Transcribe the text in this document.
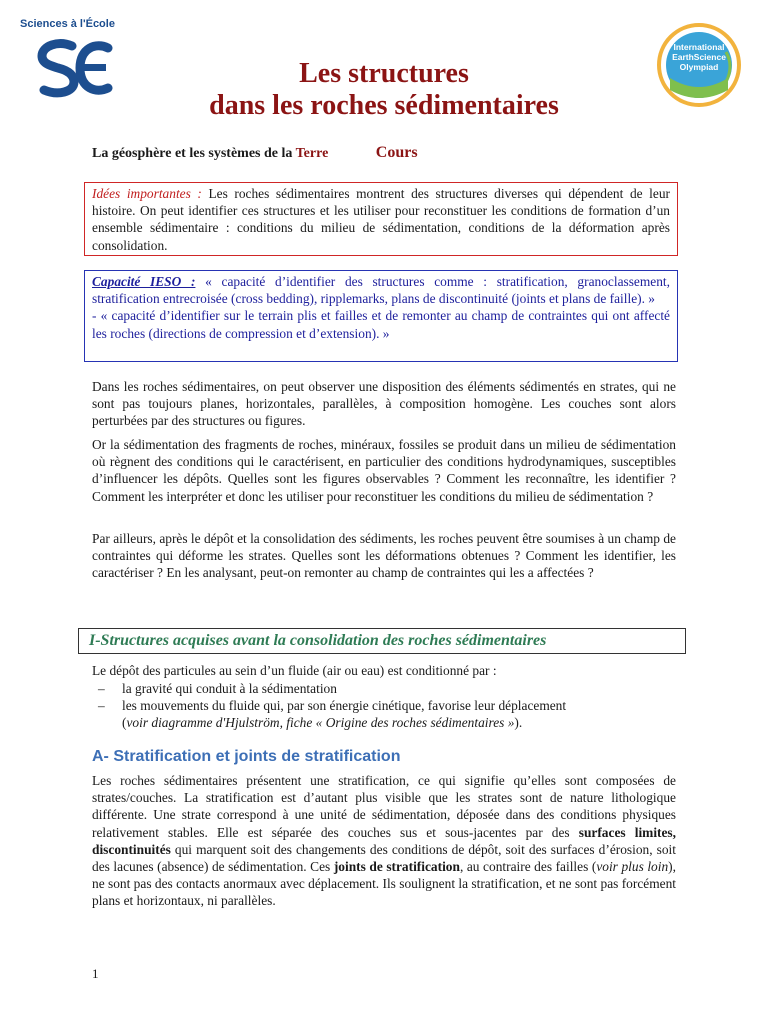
Sciences à l'École
International EarthScience Olympiad
Les structures
dans les roches sédimentaires
La géosphère et les systèmes de la Terre	Cours
Idées importantes : Les roches sédimentaires montrent des structures diverses qui dépendent de leur histoire. On peut identifier ces structures et les utiliser pour reconstituer les conditions de formation d’un ensemble sédimentaire : conditions du milieu de sédimentation, conditions de la déformation après consolidation.
Capacité IESO : « capacité d’identifier des structures comme : stratification, granoclassement, stratification entrecroisée (cross bedding), ripplemarks, plans de discontinuité (joints et plans de faille). »
- « capacité d’identifier sur le terrain plis et failles et de remonter au champ de contraintes qui ont affecté les roches (directions de compression et d’extension). »

Dans les roches sédimentaires, on peut observer une disposition des éléments sédimentés en strates, qui ne sont pas toujours planes, horizontales, parallèles, à composition homogène. Les couches sont alors perturbées par des structures ou figures.

Or la sédimentation des fragments de roches, minéraux, fossiles se produit dans un milieu de sédimentation où règnent des conditions qui le caractérisent, en particulier des conditions hydrodynamiques, susceptibles d’influencer les dépôts. Quelles sont les figures observables ? Comment les reconnaître, les identifier ? Comment les interpréter et donc les utiliser pour reconstituer les conditions du milieu de sédimentation ?

Par ailleurs, après le dépôt et la consolidation des sédiments, les roches peuvent être soumises à un champ de contraintes qui déforme les strates. Quelles sont les déformations obtenues ? Comment les identifier, les caractériser ? En les analysant, peut-on remonter au champ de contraintes qui les a affectées ?

I-Structures acquises avant la consolidation des roches sédimentaires

Le dépôt des particules au sein d’un fluide (air ou eau) est conditionné par :

– la gravité qui conduit à la sédimentation
– les mouvements du fluide qui, par son énergie cinétique, favorise leur déplacement
(voir diagramme d'Hjulström, fiche « Origine des roches sédimentaires »).
A- Stratification et joints de stratification

Les roches sédimentaires présentent une stratification, ce qui signifie qu’elles sont composées de strates/couches. La stratification est d’autant plus visible que les strates sont de nature lithologique différente. Une strate correspond à une unité de sédimentation, déposée dans des conditions physiques relativement stables. Elle est séparée des couches sus et sous-jacentes par des surfaces limites, discontinuités qui marquent soit des changements des conditions de dépôt, soit des surfaces d’érosion, soit des lacunes (absence) de sédimentation. Ces joints de stratification, au contraire des failles (voir plus loin), ne sont pas des contacts anormaux avec déplacement. Ils soulignent la stratification, et ne sont pas forcément plans et horizontaux, ni parallèles.

1
